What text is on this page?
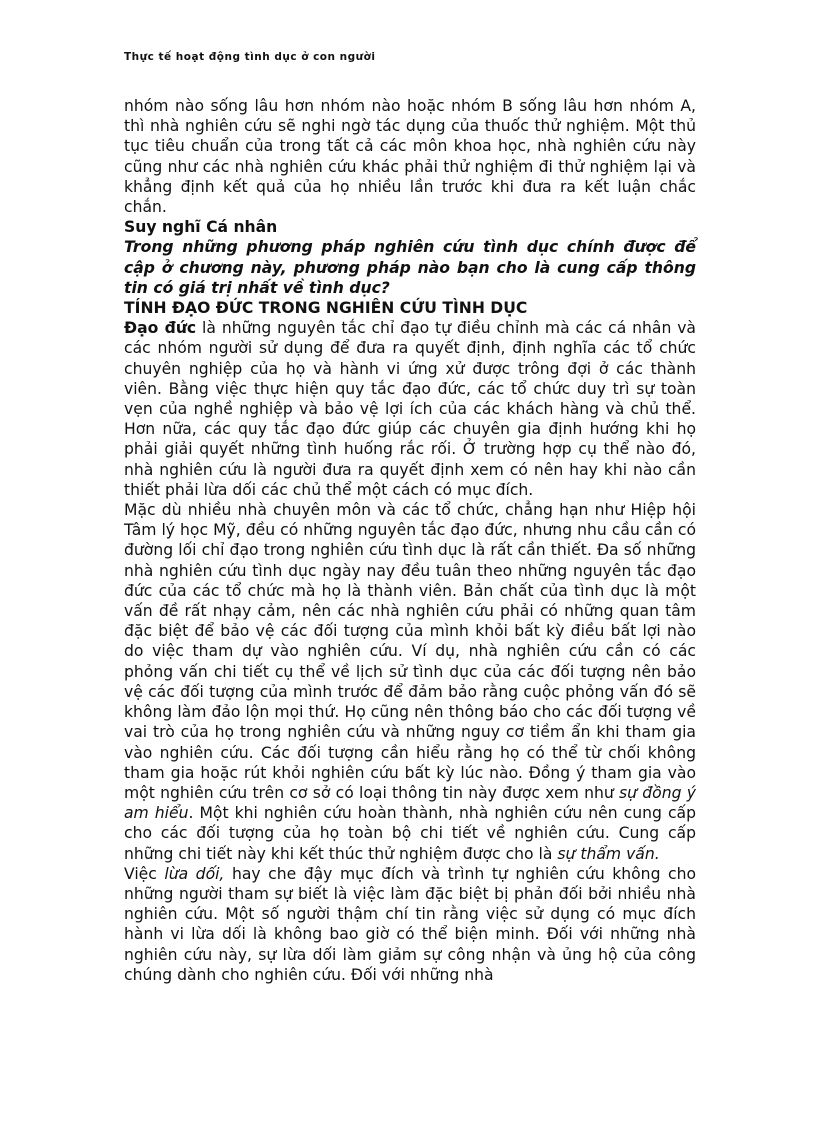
Thực tế hoạt động tình dục ở con người

nhóm nào sống lâu hơn nhóm nào hoặc nhóm B sống lâu hơn nhóm A, thì nhà nghiên cứu sẽ nghi ngờ tác dụng của thuốc thử nghiệm. Một thủ tục tiêu chuẩn của trong tất cả các môn khoa học, nhà nghiên cứu này cũng như các nhà nghiên cứu khác phải thử nghiệm đi thử nghiệm lại và khẳng định kết quả của họ nhiều lần trước khi đưa ra kết luận chắc chắn.

Suy nghĩ Cá nhân

Trong những phương pháp nghiên cứu tình dục chính được để cập ở chương này, phương pháp nào bạn cho là cung cấp thông tin có giá trị nhất về tình dục?

TÍNH ĐẠO ĐỨC TRONG NGHIÊN CỨU TÌNH DỤC

Đạo đức là những nguyên tắc chỉ đạo tự điều chỉnh mà các cá nhân và các nhóm người sử dụng để đưa ra quyết định, định nghĩa các tổ chức chuyên nghiệp của họ và hành vi ứng xử được trông đợi ở các thành viên. Bằng việc thực hiện quy tắc đạo đức, các tổ chức duy trì sự toàn vẹn của nghề nghiệp và bảo vệ lợi ích của các khách hàng và chủ thể. Hơn nữa, các quy tắc đạo đức giúp các chuyên gia định hướng khi họ phải giải quyết những tình huống rắc rối. Ở trường hợp cụ thể nào đó, nhà nghiên cứu là người đưa ra quyết định xem có nên hay khi nào cần thiết phải lừa dối các chủ thể một cách có mục đích.

Mặc dù nhiều nhà chuyên môn và các tổ chức, chẳng hạn như Hiệp hội Tâm lý học Mỹ, đều có những nguyên tắc đạo đức, nhưng nhu cầu cần có đường lối chỉ đạo trong nghiên cứu tình dục là rất cần thiết. Đa số những nhà nghiên cứu tình dục ngày nay đều tuân theo những nguyên tắc đạo đức của các tổ chức mà họ là thành viên. Bản chất của tình dục là một vấn đề rất nhạy cảm, nên các nhà nghiên cứu phải có những quan tâm đặc biệt để bảo vệ các đối tượng của mình khỏi bất kỳ điều bất lợi nào do việc tham dự vào nghiên cứu. Ví dụ, nhà nghiên cứu cần có các phỏng vấn chi tiết cụ thể về lịch sử tình dục của các đối tượng nên bảo vệ các đối tượng của mình trước để đảm bảo rằng cuộc phỏng vấn đó sẽ không làm đảo lộn mọi thứ. Họ cũng nên thông báo cho các đối tượng về vai trò của họ trong nghiên cứu và những nguy cơ tiềm ẩn khi tham gia vào nghiên cứu. Các đối tượng cần hiểu rằng họ có thể từ chối không tham gia hoặc rút khỏi nghiên cứu bất kỳ lúc nào. Đồng ý tham gia vào một nghiên cứu trên cơ sở có loại thông tin này được xem như sự đồng ý am hiểu. Một khi nghiên cứu hoàn thành, nhà nghiên cứu nên cung cấp cho các đối tượng của họ toàn bộ chi tiết về nghiên cứu. Cung cấp những chi tiết này khi kết thúc thử nghiệm được cho là sự thẩm vấn.

Việc lừa dối, hay che đậy mục đích và trình tự nghiên cứu không cho những người tham sự biết là việc làm đặc biệt bị phản đối bởi nhiều nhà nghiên cứu. Một số người thậm chí tin rằng việc sử dụng có mục đích hành vi lừa dối là không bao giờ có thể biện minh. Đối với những nhà nghiên cứu này, sự lừa dối làm giảm sự công nhận và ủng hộ của công chúng dành cho nghiên cứu. Đối với những nhà
